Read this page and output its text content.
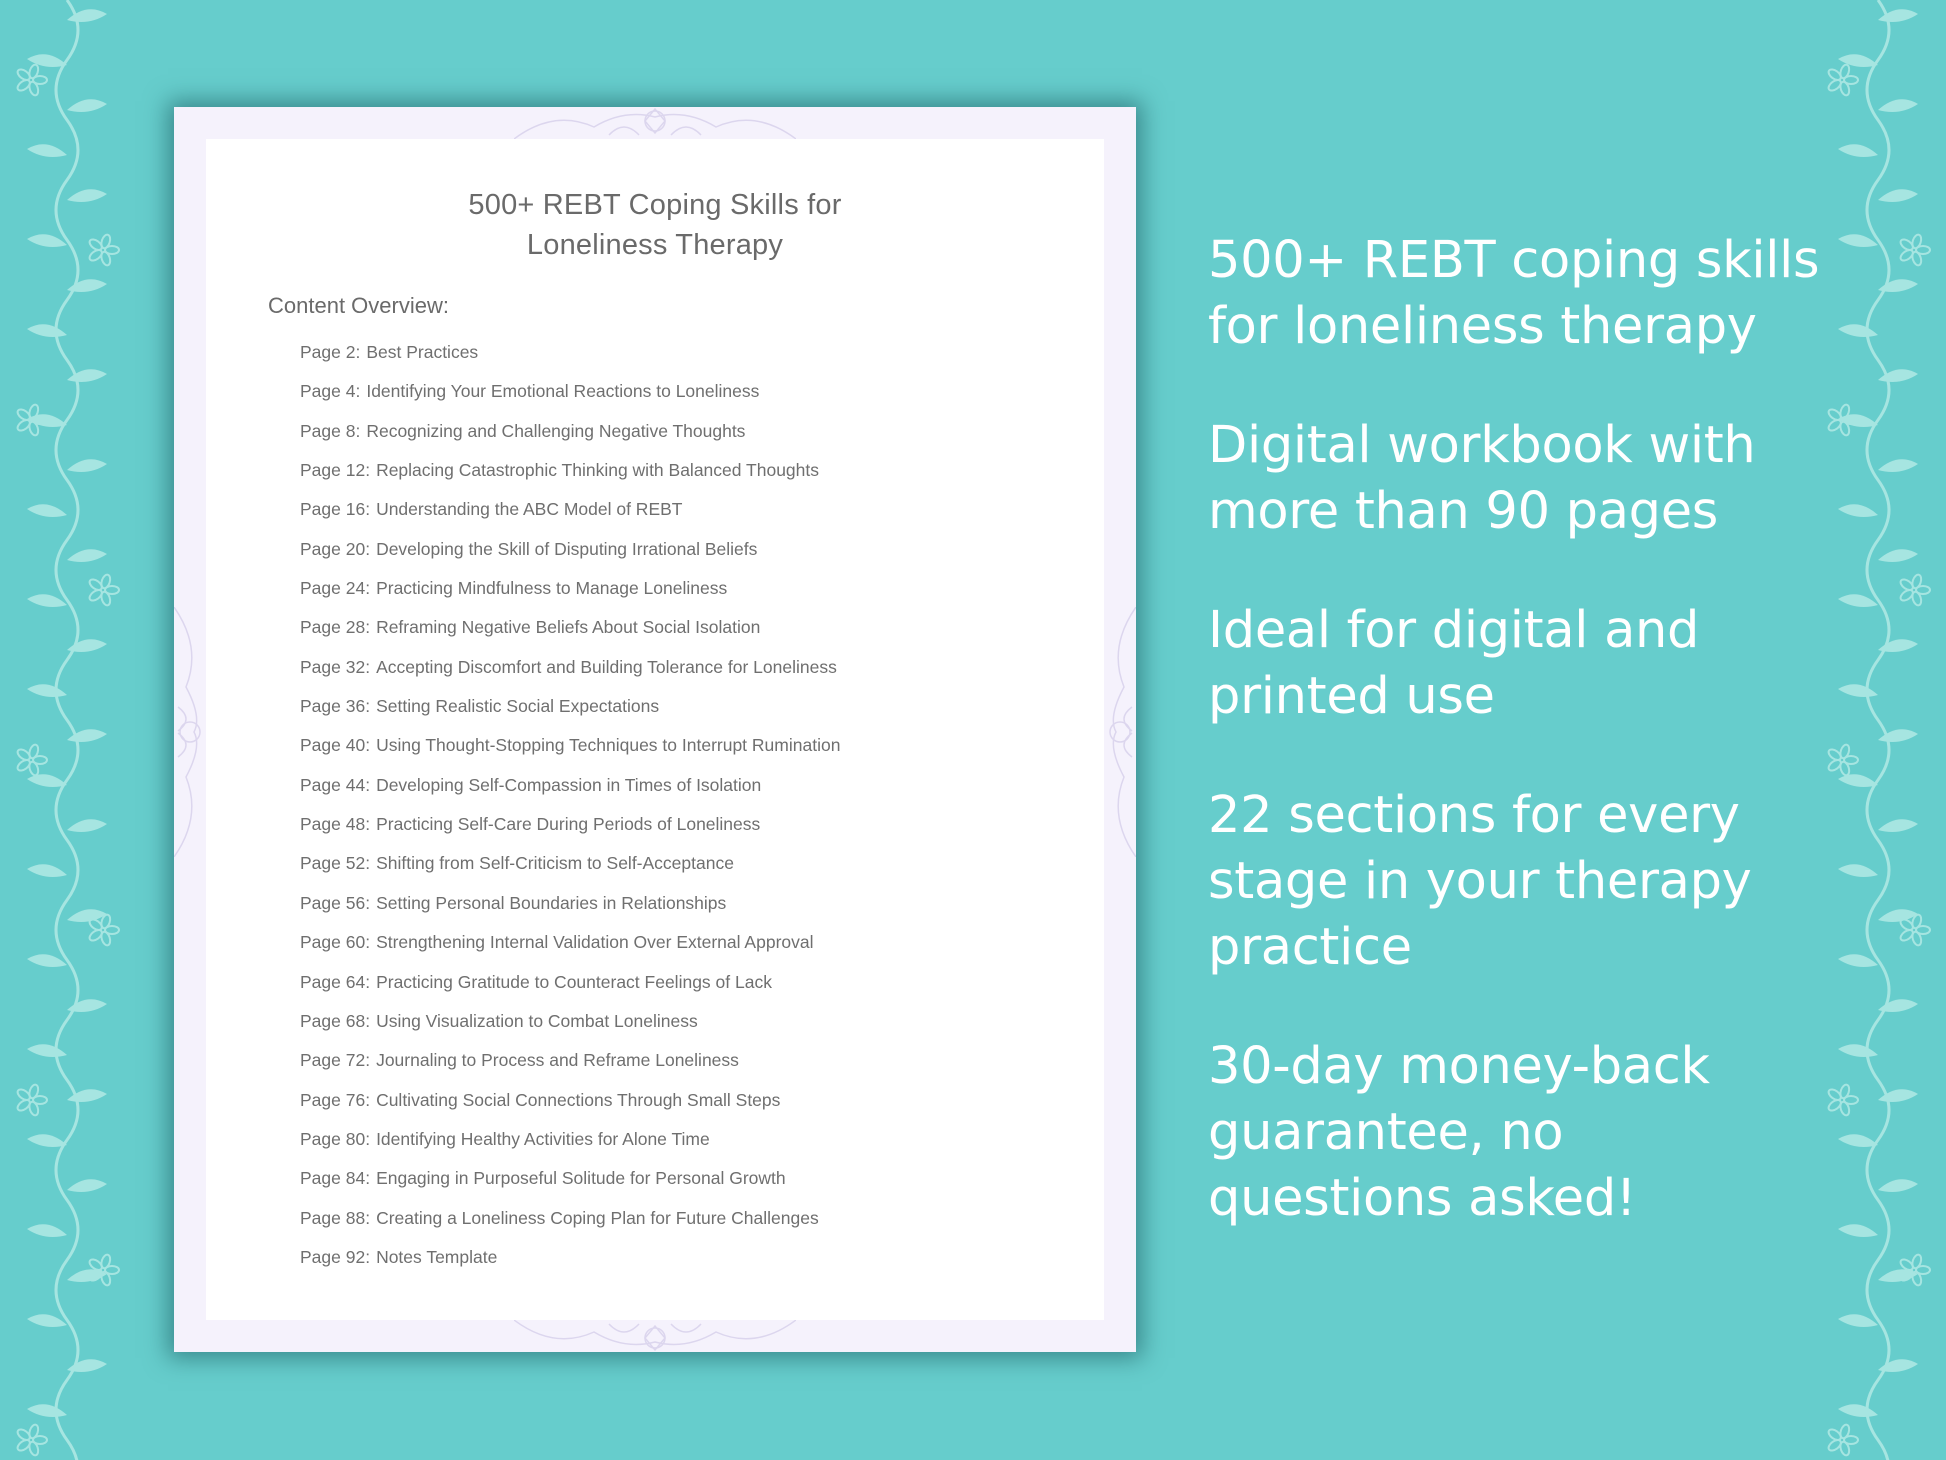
500+ REBT Coping Skills for
Loneliness Therapy
Content Overview:
Page 2: Best Practices
Page 4: Identifying Your Emotional Reactions to Loneliness
Page 8: Recognizing and Challenging Negative Thoughts
Page 12: Replacing Catastrophic Thinking with Balanced Thoughts
Page 16: Understanding the ABC Model of REBT
Page 20: Developing the Skill of Disputing Irrational Beliefs
Page 24: Practicing Mindfulness to Manage Loneliness
Page 28: Reframing Negative Beliefs About Social Isolation
Page 32: Accepting Discomfort and Building Tolerance for Loneliness
Page 36: Setting Realistic Social Expectations
Page 40: Using Thought-Stopping Techniques to Interrupt Rumination
Page 44: Developing Self-Compassion in Times of Isolation
Page 48: Practicing Self-Care During Periods of Loneliness
Page 52: Shifting from Self-Criticism to Self-Acceptance
Page 56: Setting Personal Boundaries in Relationships
Page 60: Strengthening Internal Validation Over External Approval
Page 64: Practicing Gratitude to Counteract Feelings of Lack
Page 68: Using Visualization to Combat Loneliness
Page 72: Journaling to Process and Reframe Loneliness
Page 76: Cultivating Social Connections Through Small Steps
Page 80: Identifying Healthy Activities for Alone Time
Page 84: Engaging in Purposeful Solitude for Personal Growth
Page 88: Creating a Loneliness Coping Plan for Future Challenges
Page 92: Notes Template
500+ REBT coping skills
for loneliness therapy
Digital workbook with
more than 90 pages
Ideal for digital and
printed use
22 sections for every
stage in your therapy
practice
30-day money-back
guarantee, no
questions asked!
